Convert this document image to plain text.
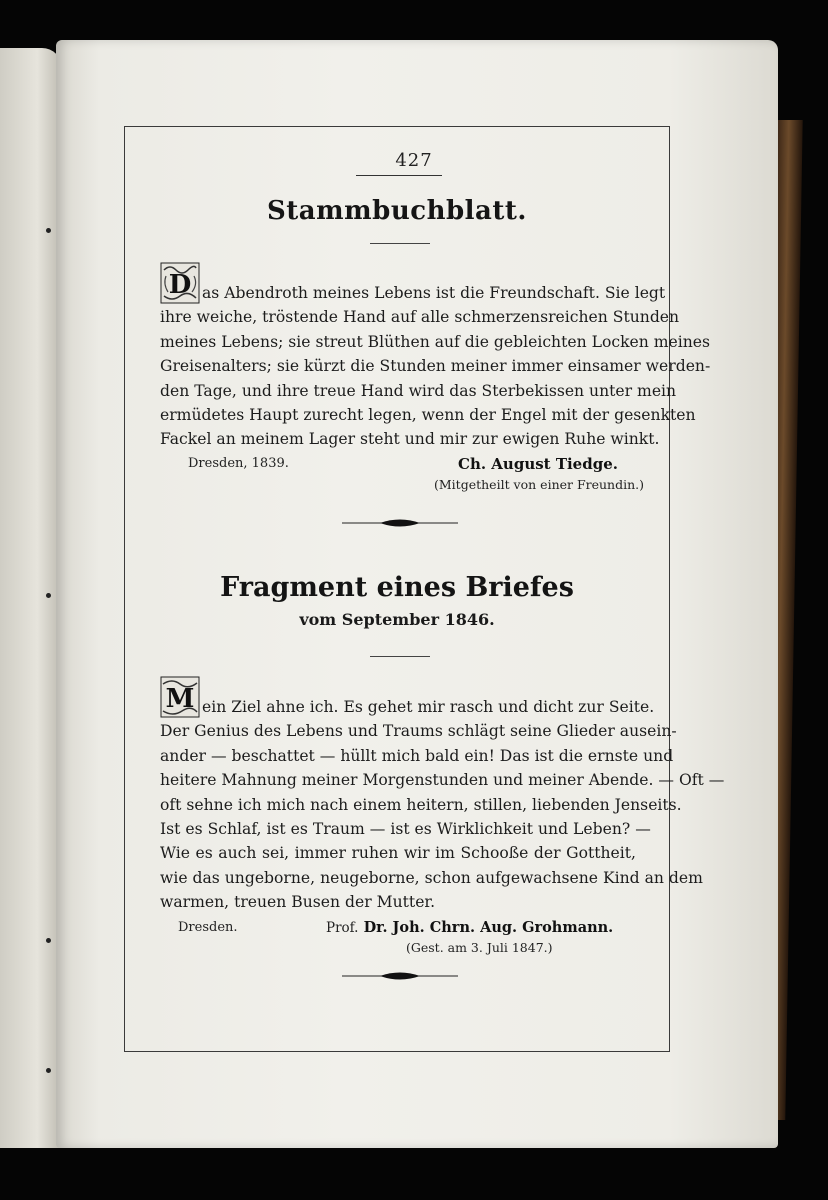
427
Stammbuchblatt.
D as Abendroth meines Lebens ist die Freundschaft. Sie legt
ihre weiche, tröstende Hand auf alle schmerzensreichen Stunden
meines Lebens; sie streut Blüthen auf die gebleichten Locken meines
Greisenalters; sie kürzt die Stunden meiner immer einsamer werden-
den Tage, und ihre treue Hand wird das Sterbekissen unter mein
ermüdetes Haupt zurecht legen, wenn der Engel mit der gesenkten
Fackel an meinem Lager steht und mir zur ewigen Ruhe winkt.
Dresden, 1839.	Ch. August Tiedge.
(Mitgetheilt von einer Freundin.)
Fragment eines Briefes
vom September 1846.
M ein Ziel ahne ich. Es gehet mir rasch und dicht zur Seite.
Der Genius des Lebens und Traums schlägt seine Glieder ausein-
ander — beschattet — hüllt mich bald ein! Das ist die ernste und
heitere Mahnung meiner Morgenstunden und meiner Abende. — Oft —
oft sehne ich mich nach einem heitern, stillen, liebenden Jenseits.
Ist es Schlaf, ist es Traum — ist es Wirklichkeit und Leben? —
Wie es auch sei, immer ruhen wir im Schooße der Gottheit,
wie das ungeborne, neugeborne, schon aufgewachsene Kind an dem
warmen, treuen Busen der Mutter.
Dresden.	Prof. Dr. Joh. Chrn. Aug. Grohmann.
(Gest. am 3. Juli 1847.)
